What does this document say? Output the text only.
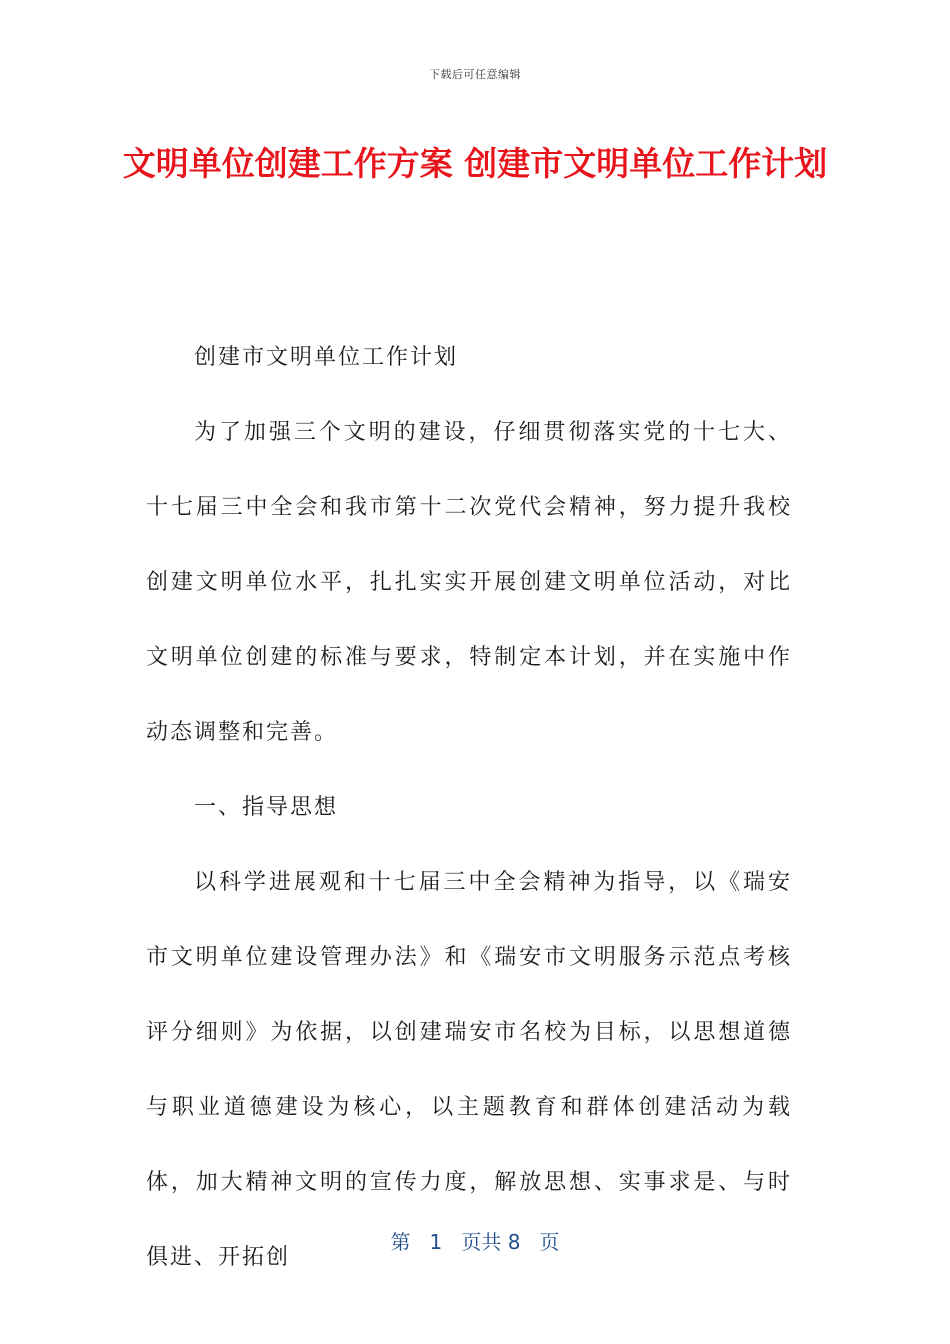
下载后可任意编辑
文明单位创建工作方案 创建市文明单位工作计划

创建市文明单位工作计划

为了加强三个文明的建设，仔细贯彻落实党的十七大、十七届三中全会和我市第十二次党代会精神，努力提升我校创建文明单位水平，扎扎实实开展创建文明单位活动，对比文明单位创建的标准与要求，特制定本计划，并在实施中作动态调整和完善。

一、指导思想

以科学进展观和十七届三中全会精神为指导，以《瑞安市文明单位建设管理办法》和《瑞安市文明服务示范点考核评分细则》为依据，以创建瑞安市名校为目标，以思想道德与职业道德建设为核心，以主题教育和群体创建活动为载体，加大精神文明的宣传力度，解放思想、实事求是、与时俱进、开拓创

第 1 页共 8 页
